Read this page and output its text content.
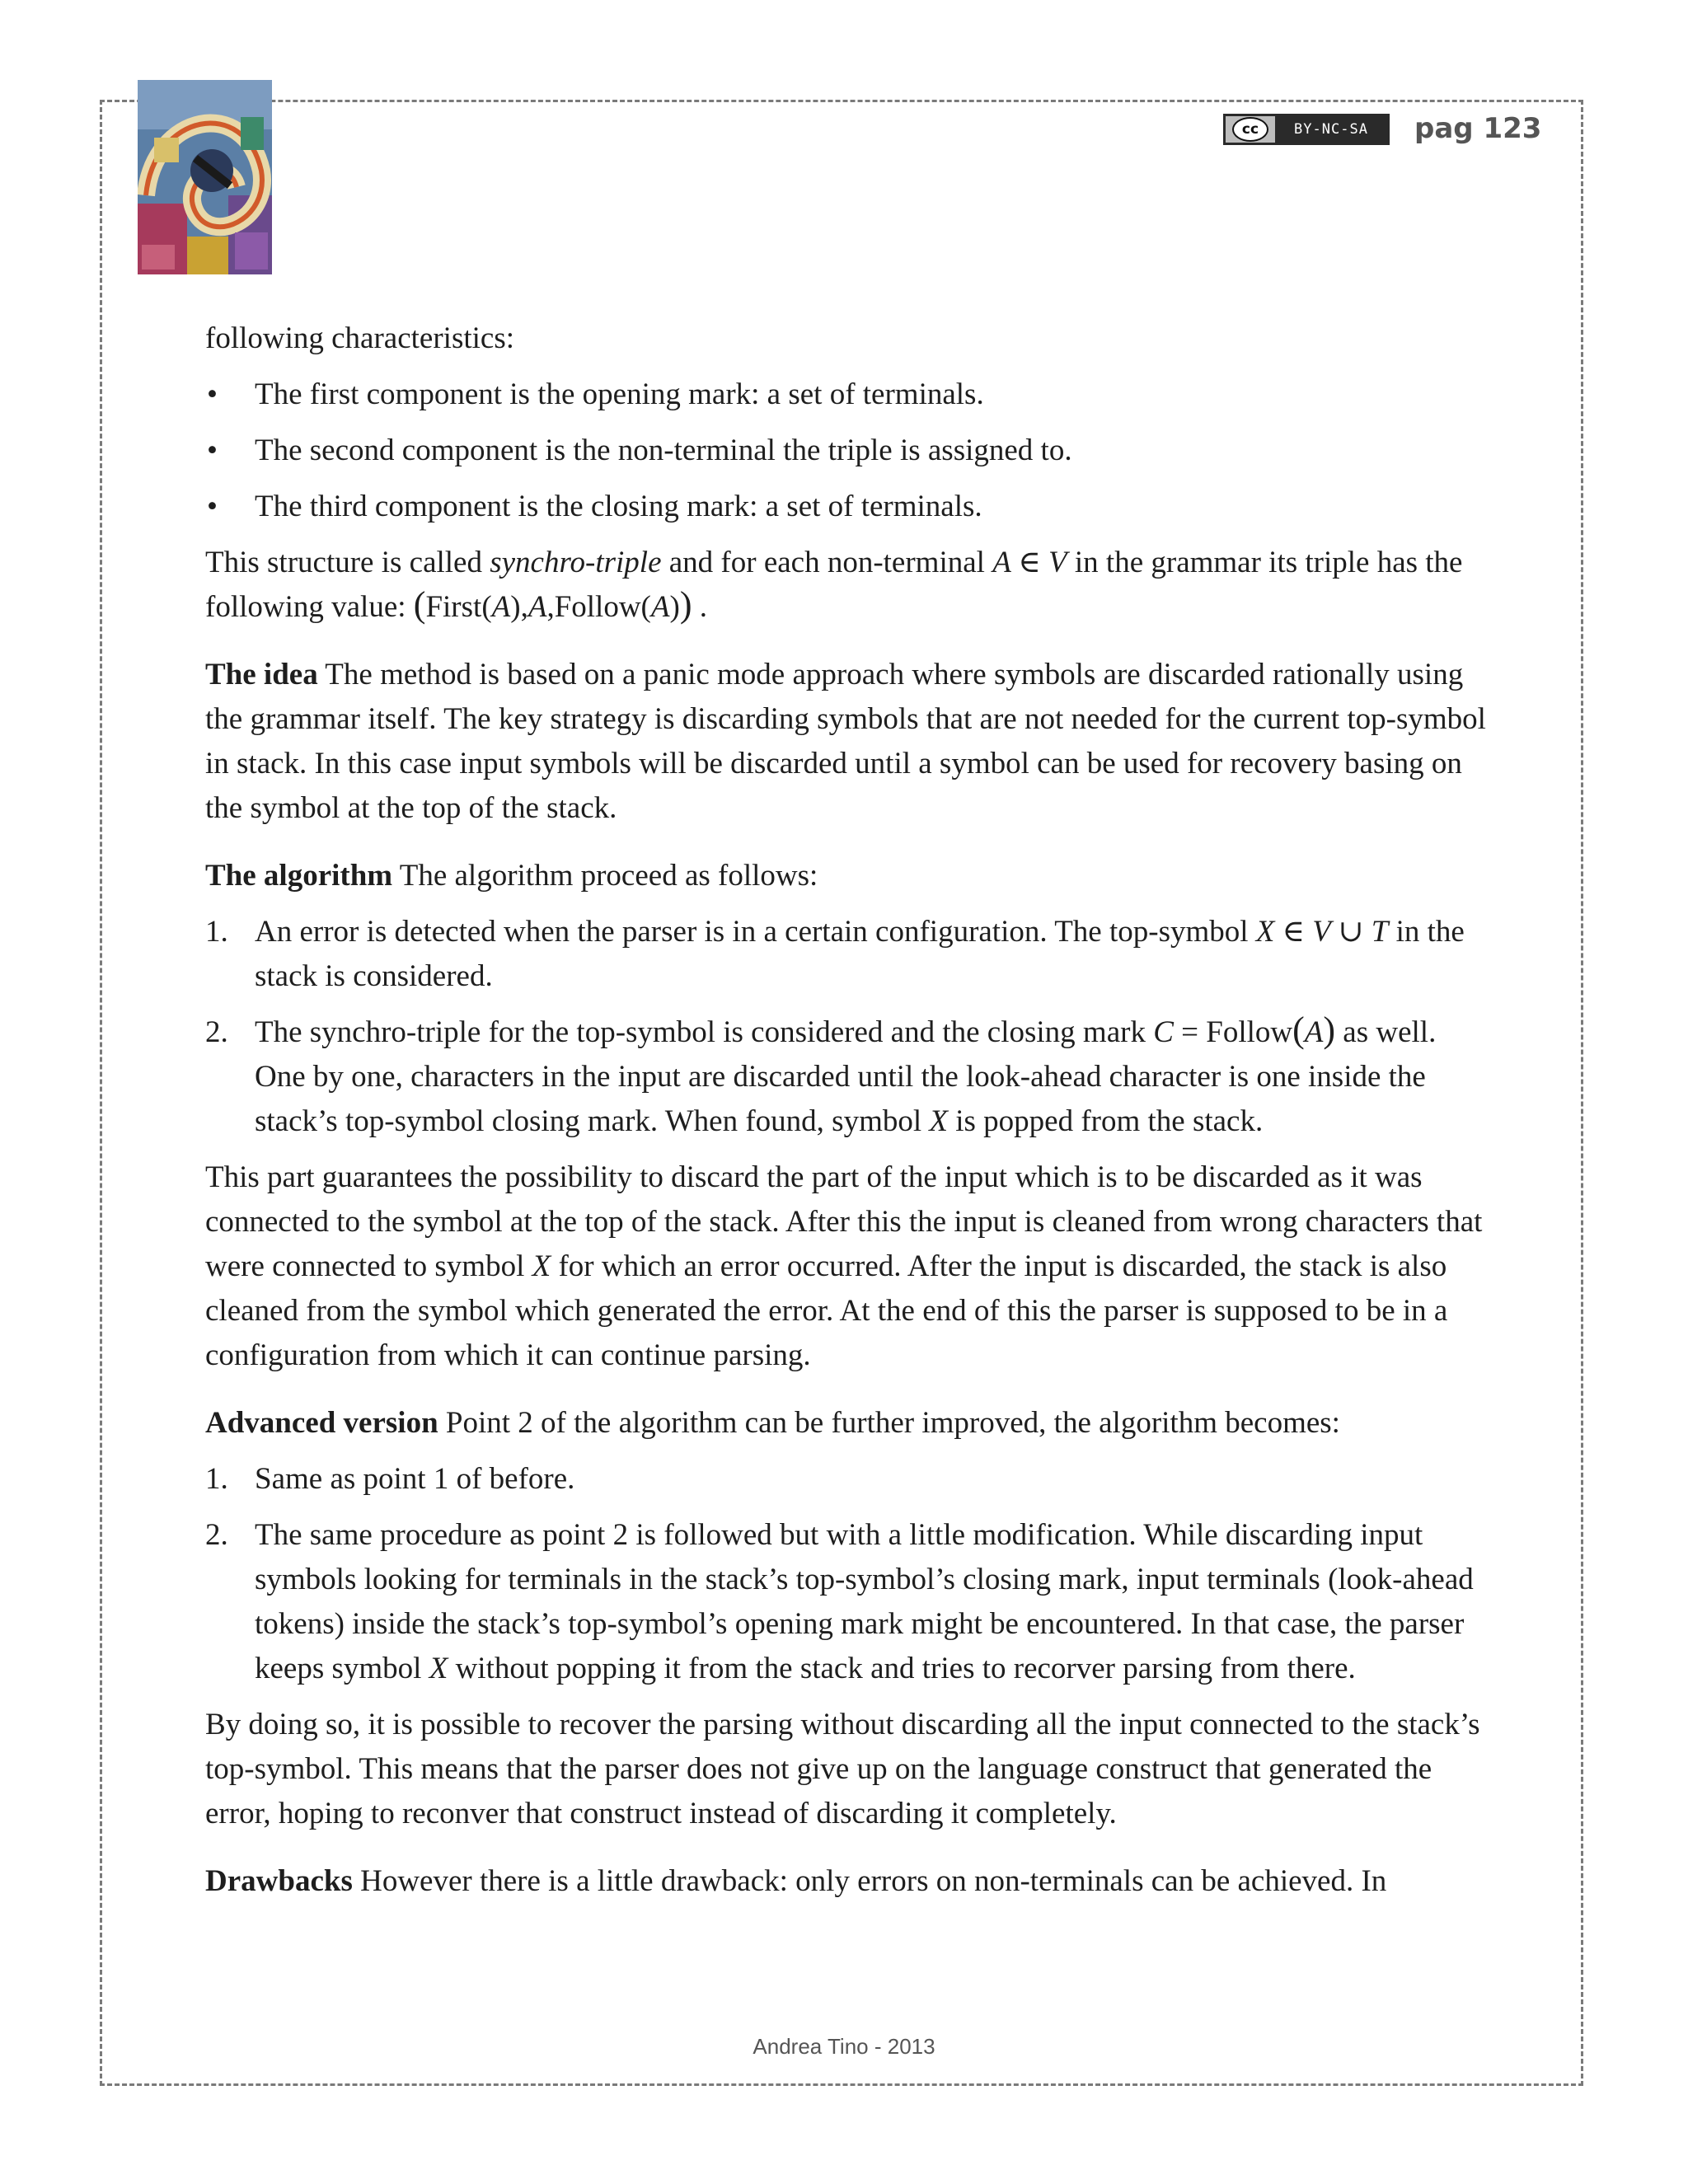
cc	BY-NC-SA	pag 123

following characteristics:

• The first component is the opening mark: a set of terminals.
• The second component is the non-terminal the triple is assigned to.
• The third component is the closing mark: a set of terminals.

This structure is called synchro-triple and for each non-terminal A ∈ V in the grammar its triple has the following value: (First(A),A,Follow(A)) .

The idea The method is based on a panic mode approach where symbols are discarded rationally using the grammar itself. The key strategy is discarding symbols that are not needed for the current top-symbol in stack. In this case input symbols will be discarded until a symbol can be used for recovery basing on the symbol at the top of the stack.

The algorithm The algorithm proceed as follows:

1. An error is detected when the parser is in a certain configuration. The top-symbol X ∈ V ∪ T in the stack is considered.
2. The synchro-triple for the top-symbol is considered and the closing mark C = Follow(A) as well. One by one, characters in the input are discarded until the look-ahead character is one inside the stack’s top-symbol closing mark. When found, symbol X is popped from the stack.

This part guarantees the possibility to discard the part of the input which is to be discarded as it was connected to the symbol at the top of the stack. After this the input is cleaned from wrong characters that were connected to symbol X for which an error occurred. After the input is discarded, the stack is also cleaned from the symbol which generated the error. At the end of this the parser is supposed to be in a configuration from which it can continue parsing.

Advanced version Point 2 of the algorithm can be further improved, the algorithm becomes:

1. Same as point 1 of before.
2. The same procedure as point 2 is followed but with a little modification. While discarding input symbols looking for terminals in the stack’s top-symbol’s closing mark, input terminals (look-ahead tokens) inside the stack’s top-symbol’s opening mark might be encountered. In that case, the parser keeps symbol X without popping it from the stack and tries to recorver parsing from there.

By doing so, it is possible to recover the parsing without discarding all the input connected to the stack’s top-symbol. This means that the parser does not give up on the language construct that generated the error, hoping to reconver that construct instead of discarding it completely.

Drawbacks However there is a little drawback: only errors on non-terminals can be achieved. In

Andrea Tino - 2013
